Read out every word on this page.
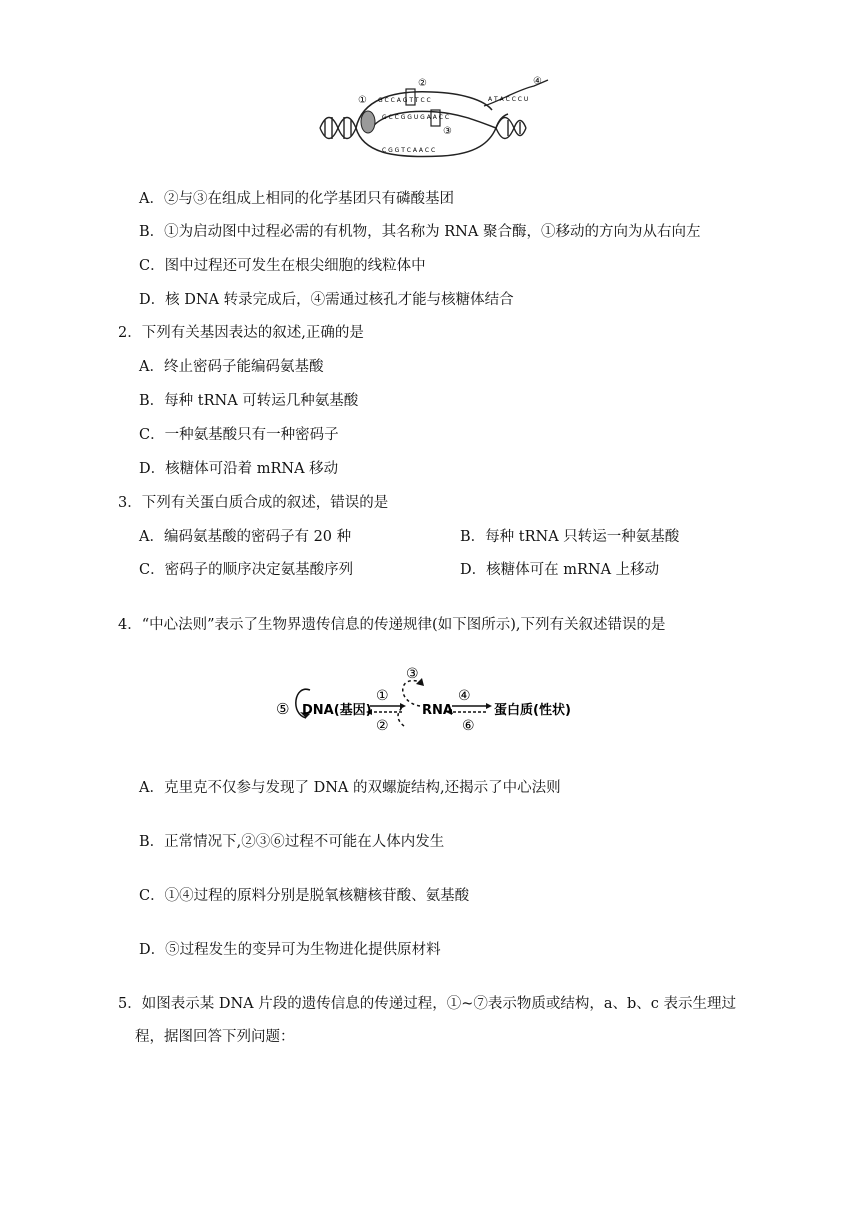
①
②
③
④
G C C A G T T C C	A T A C C C U
G C C G G U G A A C C
C G G T C A A C C
A．②与③在组成上相同的化学基团只有磷酸基团
B．①为启动图中过程必需的有机物，其名称为 RNA 聚合酶，①移动的方向为从右向左
C．图中过程还可发生在根尖细胞的线粒体中
D．核 DNA 转录完成后，④需通过核孔才能与核糖体结合
2．下列有关基因表达的叙述,正确的是
A．终止密码子能编码氨基酸
B．每种 tRNA 可转运几种氨基酸
C．一种氨基酸只有一种密码子
D．核糖体可沿着 mRNA 移动
3．下列有关蛋白质合成的叙述，错误的是
A．编码氨基酸的密码子有 20 种	B．每种 tRNA 只转运一种氨基酸
C．密码子的顺序决定氨基酸序列	D．核糖体可在 mRNA 上移动
4．“中心法则”表示了生物界遗传信息的传递规律(如下图所示),下列有关叙述错误的是
⑤ DNA(基因)
①
②
③
RNA
④
⑥
蛋白质(性状)
A．克里克不仅参与发现了 DNA 的双螺旋结构,还揭示了中心法则
B．正常情况下,②③⑥过程不可能在人体内发生
C．①④过程的原料分别是脱氧核糖核苷酸、氨基酸
D．⑤过程发生的变异可为生物进化提供原材料
5．如图表示某 DNA 片段的遗传信息的传递过程，①~⑦表示物质或结构，a、b、c 表示生理过
程，据图回答下列问题：
